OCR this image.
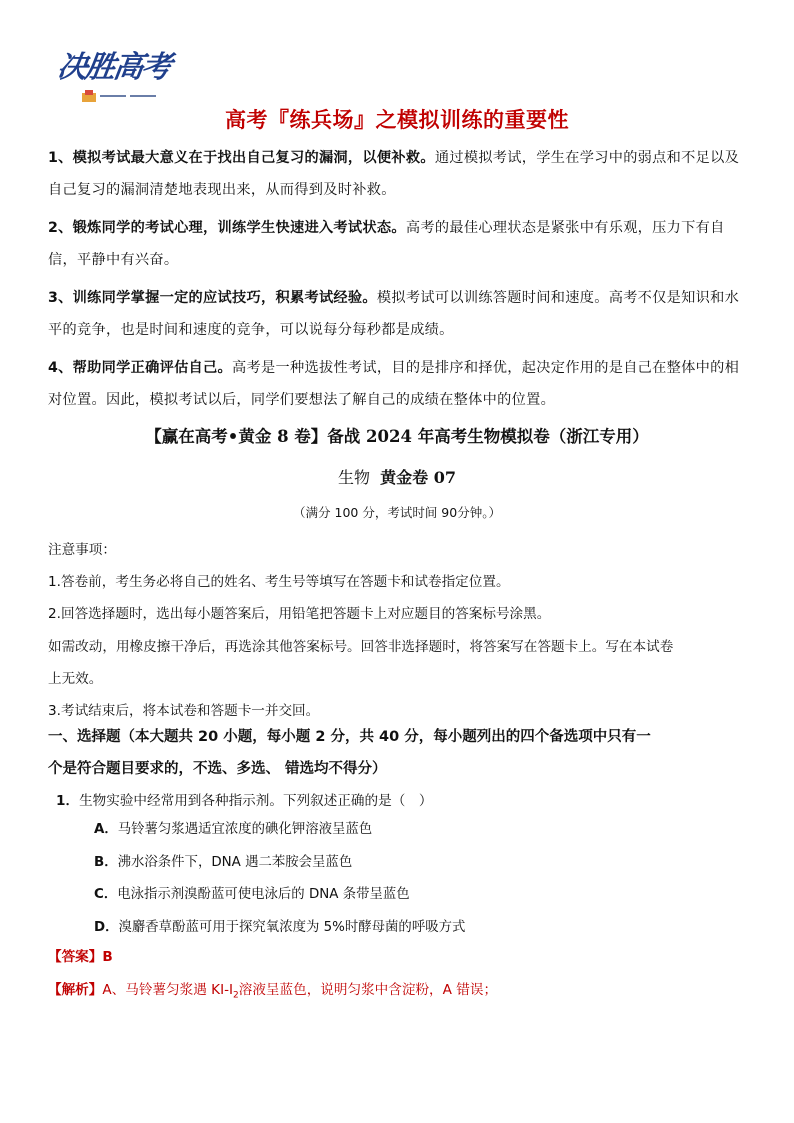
决胜高考
高考『练兵场』之模拟训练的重要性

1、模拟考试最大意义在于找出自己复习的漏洞，以便补救。通过模拟考试，学生在学习中的弱点和不足以及自己复习的漏洞清楚地表现出来，从而得到及时补救。

2、锻炼同学的考试心理，训练学生快速进入考试状态。高考的最佳心理状态是紧张中有乐观，压力下有自信，平静中有兴奋。

3、训练同学掌握一定的应试技巧，积累考试经验。模拟考试可以训练答题时间和速度。高考不仅是知识和水平的竞争，也是时间和速度的竞争，可以说每分每秒都是成绩。

4、帮助同学正确评估自己。高考是一种选拔性考试，目的是排序和择优，起决定作用的是自己在整体中的相对位置。因此，模拟考试以后，同学们要想法了解自己的成绩在整体中的位置。

【赢在高考•黄金 8 卷】备战 2024 年高考生物模拟卷（浙江专用）
生物 黄金卷 07
（满分 100 分，考试时间 90分钟。）
注意事项：
1.答卷前，考生务必将自己的姓名、考生号等填写在答题卡和试卷指定位置。
2.回答选择题时，选出每小题答案后，用铅笔把答题卡上对应题目的答案标号涂黑。
如需改动，用橡皮擦干净后，再选涂其他答案标号。回答非选择题时，将答案写在答题卡上。写在本试卷
上无效。
3.考试结束后，将本试卷和答题卡一并交回。
一、选择题（本大题共 20 小题，每小题 2 分，共 40 分，每小题列出的四个备选项中只有一
个是符合题目要求的，不选、多选、 错选均不得分）
1．生物实验中经常用到各种指示剂。下列叙述正确的是（　）
A．马铃薯匀浆遇适宜浓度的碘化钾溶液呈蓝色
B．沸水浴条件下，DNA 遇二苯胺会呈蓝色
C．电泳指示剂溴酚蓝可使电泳后的 DNA 条带呈蓝色
D．溴麝香草酚蓝可用于探究氧浓度为 5%时酵母菌的呼吸方式
【答案】B
【解析】A、马铃薯匀浆遇 $KI-I_2$溶液呈蓝色，说明匀浆中含淀粉，A 错误；
